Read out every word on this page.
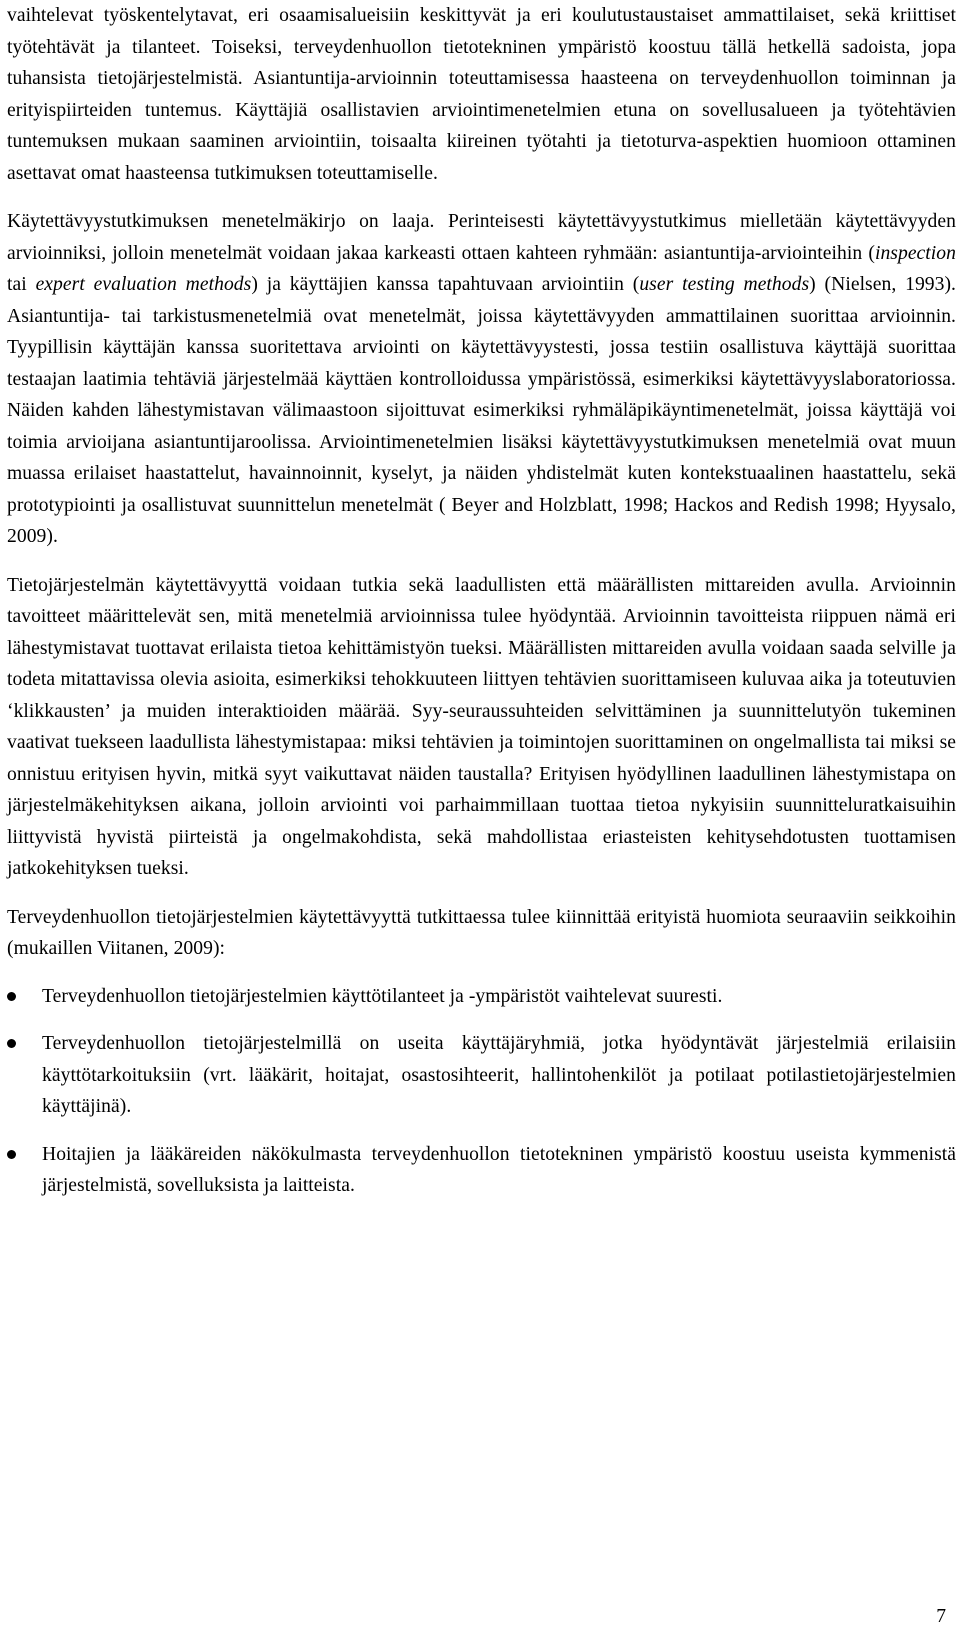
vaihtelevat työskentelytavat, eri osaamisalueisiin keskittyvät ja eri koulutustaustaiset ammattilaiset, sekä kriittiset työtehtävät ja tilanteet. Toiseksi, terveydenhuollon tietotekninen ympäristö koostuu tällä hetkellä sadoista, jopa tuhansista tietojärjestelmistä. Asiantuntija-arvioinnin toteuttamisessa haasteena on terveydenhuollon toiminnan ja erityispiirteiden tuntemus. Käyttäjiä osallistavien arviointimenetelmien etuna on sovellusalueen ja työtehtävien tuntemuksen mukaan saaminen arviointiin, toisaalta kiireinen työtahti ja tietoturva-aspektien huomioon ottaminen asettavat omat haasteensa tutkimuksen toteuttamiselle.

Käytettävyystutkimuksen menetelmäkirjo on laaja. Perinteisesti käytettävyystutkimus mielletään käytettävyyden arvioinniksi, jolloin menetelmät voidaan jakaa karkeasti ottaen kahteen ryhmään: asiantuntija-arviointeihin (inspection tai expert evaluation methods) ja käyttäjien kanssa tapahtuvaan arviointiin (user testing methods) (Nielsen, 1993). Asiantuntija- tai tarkistusmenetelmiä ovat menetelmät, joissa käytettävyyden ammattilainen suorittaa arvioinnin. Tyypillisin käyttäjän kanssa suoritettava arviointi on käytettävyystesti, jossa testiin osallistuva käyttäjä suorittaa testaajan laatimia tehtäviä järjestelmää käyttäen kontrolloidussa ympäristössä, esimerkiksi käytettävyyslaboratoriossa. Näiden kahden lähestymistavan välimaastoon sijoittuvat esimerkiksi ryhmäläpikäyntimenetelmät, joissa käyttäjä voi toimia arvioijana asiantuntijaroolissa. Arviointimenetelmien lisäksi käytettävyystutkimuksen menetelmiä ovat muun muassa erilaiset haastattelut, havainnoinnit, kyselyt, ja näiden yhdistelmät kuten kontekstuaalinen haastattelu, sekä prototypiointi ja osallistuvat suunnittelun menetelmät ( Beyer and Holzblatt, 1998; Hackos and Redish 1998; Hyysalo, 2009).

Tietojärjestelmän käytettävyyttä voidaan tutkia sekä laadullisten että määrällisten mittareiden avulla. Arvioinnin tavoitteet määrittelevät sen, mitä menetelmiä arvioinnissa tulee hyödyntää. Arvioinnin tavoitteista riippuen nämä eri lähestymistavat tuottavat erilaista tietoa kehittämistyön tueksi. Määrällisten mittareiden avulla voidaan saada selville ja todeta mitattavissa olevia asioita, esimerkiksi tehokkuuteen liittyen tehtävien suorittamiseen kuluvaa aika ja toteutuvien ‘klikkausten’ ja muiden interaktioiden määrää. Syy-seuraussuhteiden selvittäminen ja suunnittelutyön tukeminen vaativat tuekseen laadullista lähestymistapaa: miksi tehtävien ja toimintojen suorittaminen on ongelmallista tai miksi se onnistuu erityisen hyvin, mitkä syyt vaikuttavat näiden taustalla? Erityisen hyödyllinen laadullinen lähestymistapa on järjestelmäkehityksen aikana, jolloin arviointi voi parhaimmillaan tuottaa tietoa nykyisiin suunnitteluratkaisuihin liittyvistä hyvistä piirteistä ja ongelmakohdista, sekä mahdollistaa eriasteisten kehitysehdotusten tuottamisen jatkokehityksen tueksi.

Terveydenhuollon tietojärjestelmien käytettävyyttä tutkittaessa tulee kiinnittää erityistä huomiota seuraaviin seikkoihin (mukaillen Viitanen, 2009):

Terveydenhuollon tietojärjestelmien käyttötilanteet ja -ympäristöt vaihtelevat suuresti.
Terveydenhuollon tietojärjestelmillä on useita käyttäjäryhmiä, jotka hyödyntävät järjestelmiä erilaisiin käyttötarkoituksiin (vrt. lääkärit, hoitajat, osastosihteerit, hallintohenkilöt ja potilaat potilastietojärjestelmien käyttäjinä).
Hoitajien ja lääkäreiden näkökulmasta terveydenhuollon tietotekninen ympäristö koostuu useista kymmenistä järjestelmistä, sovelluksista ja laitteista.
7
